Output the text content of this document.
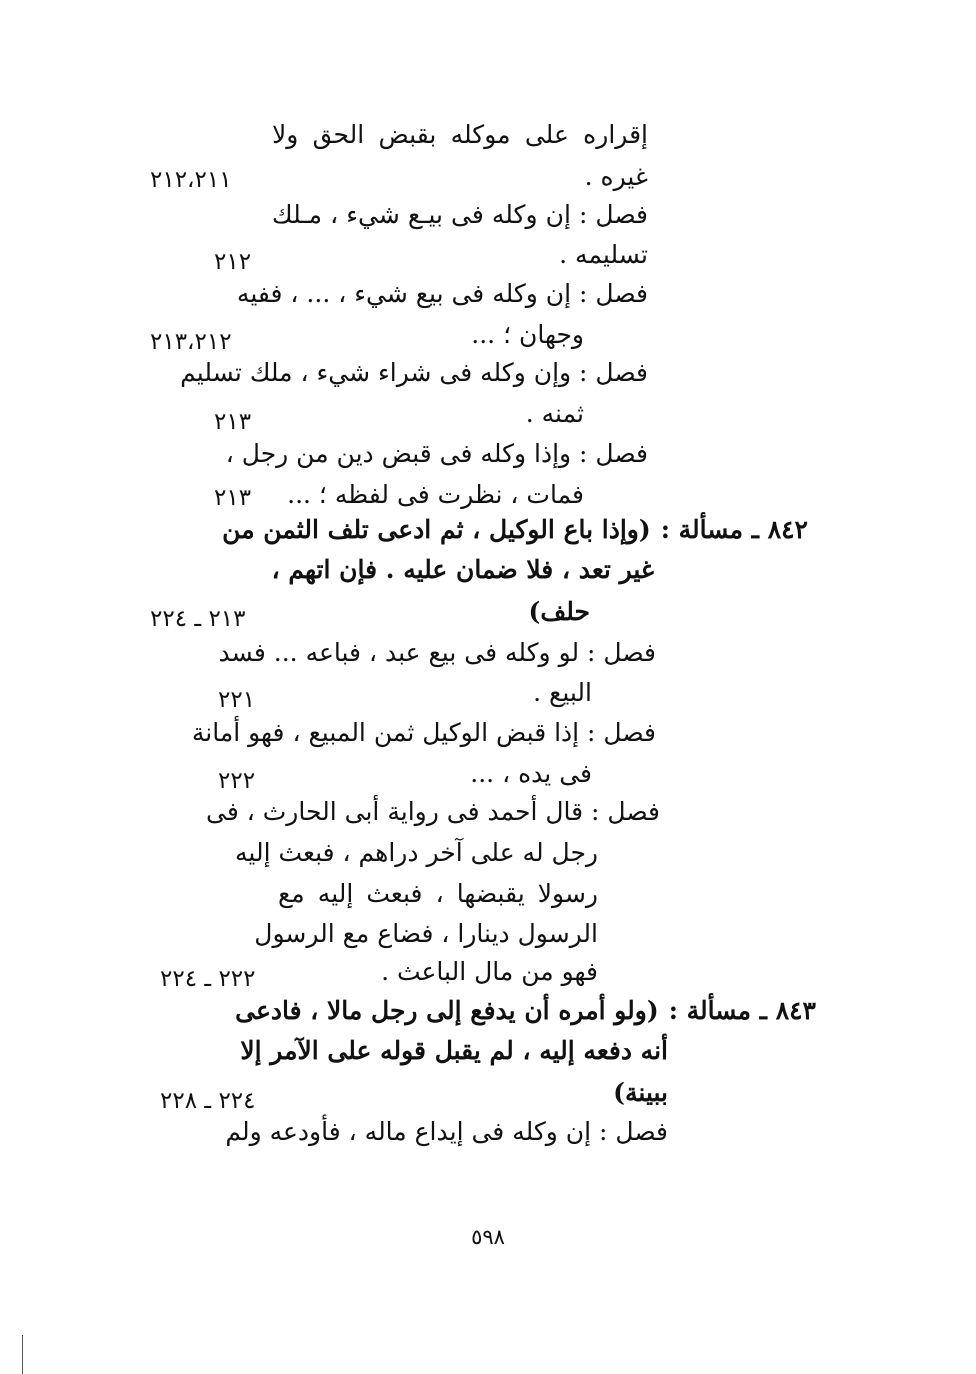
إقراره على موكله بقبض الحق ولا

غيره .

٢١٢،٢١١

فصل : إن وكله فى بيـع شيء ، مـلك

تسليمه .

٢١٢

فصل : إن وكله فى بيع شيء ، ... ، ففيه

وجهان ؛ ...

٢١٣،٢١٢

فصل : وإن وكله فى شراء شيء ، ملك تسليم

ثمنه .

٢١٣

فصل : وإذا وكله فى قبض دين من رجل ،

فمات ، نظرت فى لفظه ؛ ...

٢١٣

٨٤٢ ـ مسألة :(وإذا باع الوكيل ، ثم ادعى تلف الثمن من

غير تعد ، فلا ضمان عليه . فإن اتهم ،

حلف)

٢١٣ ـ ٢٢٤

فصل : لو وكله فى بيع عبد ، فباعه ... فسد

البيع .

٢٢١

فصل : إذا قبض الوكيل ثمن المبيع ، فهو أمانة

فى يده ، ...

٢٢٢

فصل : قال أحمد فى رواية أبى الحارث ، فى

رجل له على آخر دراهم ، فبعث إليه

رسولا يقبضها ، فبعث إليه مع

الرسول دينارا ، فضاع مع الرسول

فهو من مال الباعث .

٢٢٢ ـ ٢٢٤

٨٤٣ ـ مسألة :(ولو أمره أن يدفع إلى رجل مالا ، فادعى

أنه دفعه إليه ، لم يقبل قوله على الآمر إلا

ببينة)

٢٢٤ ـ ٢٢٨

فصل : إن وكله فى إيداع ماله ، فأودعه ولم

٥٩٨
